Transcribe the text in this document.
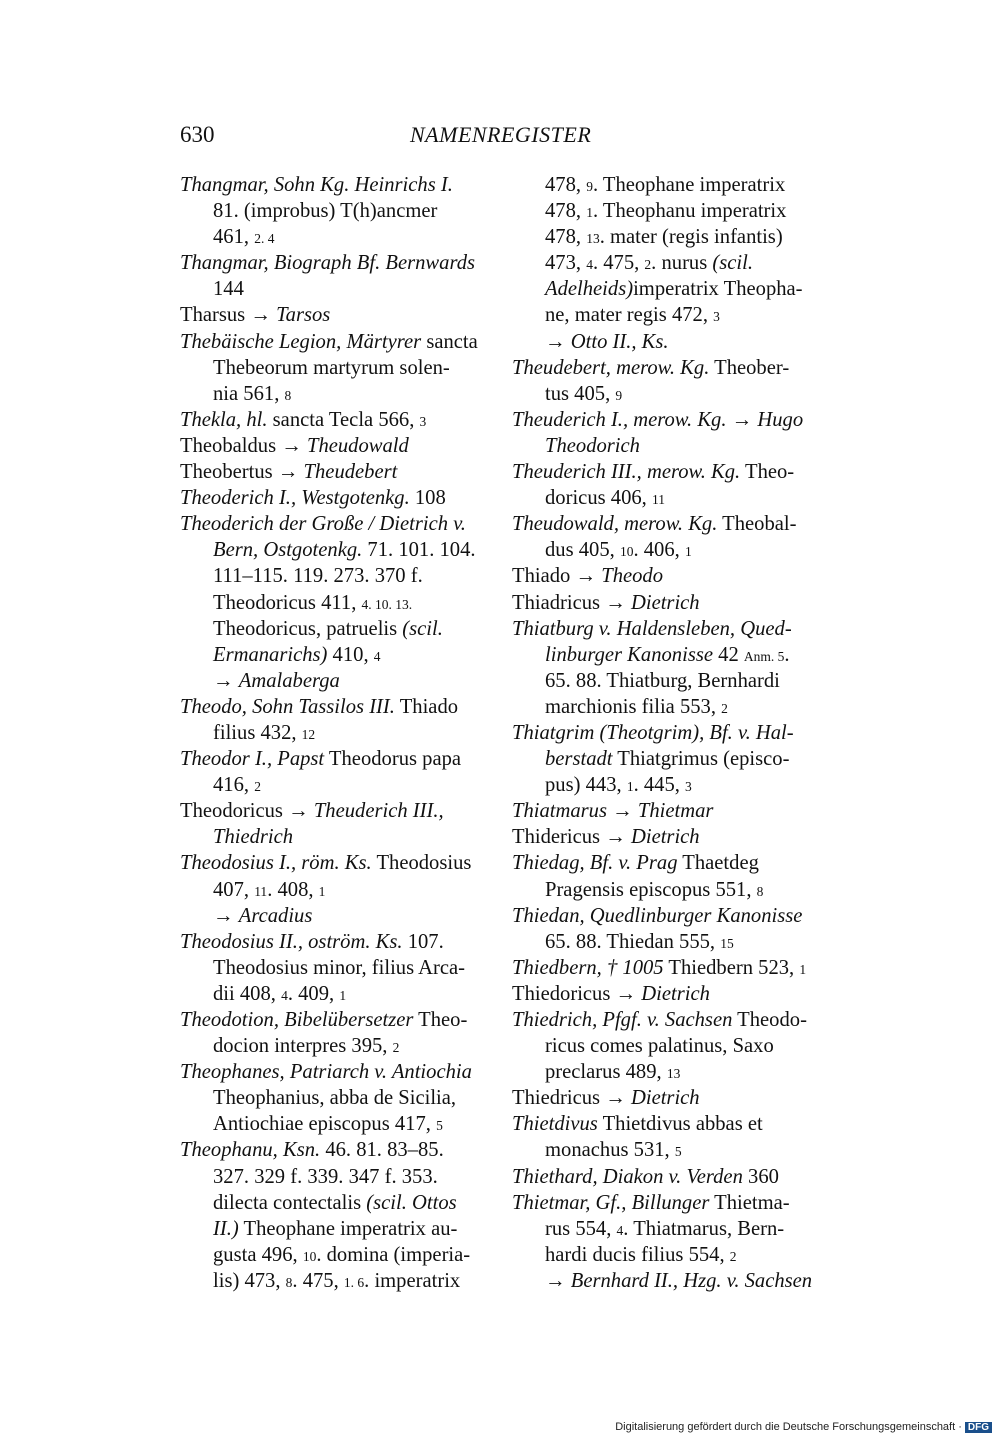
630	NAMENREGISTER
Thangmar, Sohn Kg. Heinrichs I.
81. (improbus) T(h)ancmer
461, 2. 4
Thangmar, Biograph Bf. Bernwards
144
Tharsus → Tarsos
Thebäische Legion, Märtyrer sancta
Thebeorum martyrum solen-
nia 561, 8
Thekla, hl. sancta Tecla 566, 3
Theobaldus → Theudowald
Theobertus → Theudebert
Theoderich I., Westgotenkg. 108
Theoderich der Große / Dietrich v.
Bern, Ostgotenkg. 71. 101. 104.
111–115. 119. 273. 370 f.
Theodoricus 411, 4. 10. 13.
Theodoricus, patruelis (scil.
Ermanarichs) 410, 4
→ Amalaberga
Theodo, Sohn Tassilos III. Thiado
filius 432, 12
Theodor I., Papst Theodorus papa
416, 2
Theodoricus → Theuderich III.,
Thiedrich
Theodosius I., röm. Ks. Theodosius
407, 11. 408, 1
→ Arcadius
Theodosius II., oström. Ks. 107.
Theodosius minor, filius Arca-
dii 408, 4. 409, 1
Theodotion, Bibelübersetzer Theo-
docion interpres 395, 2
Theophanes, Patriarch v. Antiochia
Theophanius, abba de Sicilia,
Antiochiae episcopus 417, 5
Theophanu, Ksn. 46. 81. 83–85.
327. 329 f. 339. 347 f. 353.
dilecta contectalis (scil. Ottos
II.) Theophane imperatrix au-
gusta 496, 10. domina (imperia-
lis) 473, 8. 475, 1. 6. imperatrix
478, 9. Theophane imperatrix
478, 1. Theophanu imperatrix
478, 13. mater (regis infantis)
473, 4. 475, 2. nurus (scil.
Adelheids)imperatrix Theopha-
ne, mater regis 472, 3
→ Otto II., Ks.
Theudebert, merow. Kg. Theober-
tus 405, 9
Theuderich I., merow. Kg. → Hugo
Theodorich
Theuderich III., merow. Kg. Theo-
doricus 406, 11
Theudowald, merow. Kg. Theobal-
dus 405, 10. 406, 1
Thiado → Theodo
Thiadricus → Dietrich
Thiatburg v. Haldensleben, Qued-
linburger Kanonisse 42 Anm. 5.
65. 88. Thiatburg, Bernhardi
marchionis filia 553, 2
Thiatgrim (Theotgrim), Bf. v. Hal-
berstadt Thiatgrimus (episco-
pus) 443, 1. 445, 3
Thiatmarus → Thietmar
Thidericus → Dietrich
Thiedag, Bf. v. Prag Thaetdeg
Pragensis episcopus 551, 8
Thiedan, Quedlinburger Kanonisse
65. 88. Thiedan 555, 15
Thiedbern, † 1005 Thiedbern 523, 1
Thiedoricus → Dietrich
Thiedrich, Pfgf. v. Sachsen Theodo-
ricus comes palatinus, Saxo
preclarus 489, 13
Thiedricus → Dietrich
Thietdivus Thietdivus abbas et
monachus 531, 5
Thiethard, Diakon v. Verden 360
Thietmar, Gf., Billunger Thietma-
rus 554, 4. Thiatmarus, Bern-
hardi ducis filius 554, 2
→ Bernhard II., Hzg. v. Sachsen
Digitalisierung gefördert durch die Deutsche Forschungsgemeinschaft · DFG
